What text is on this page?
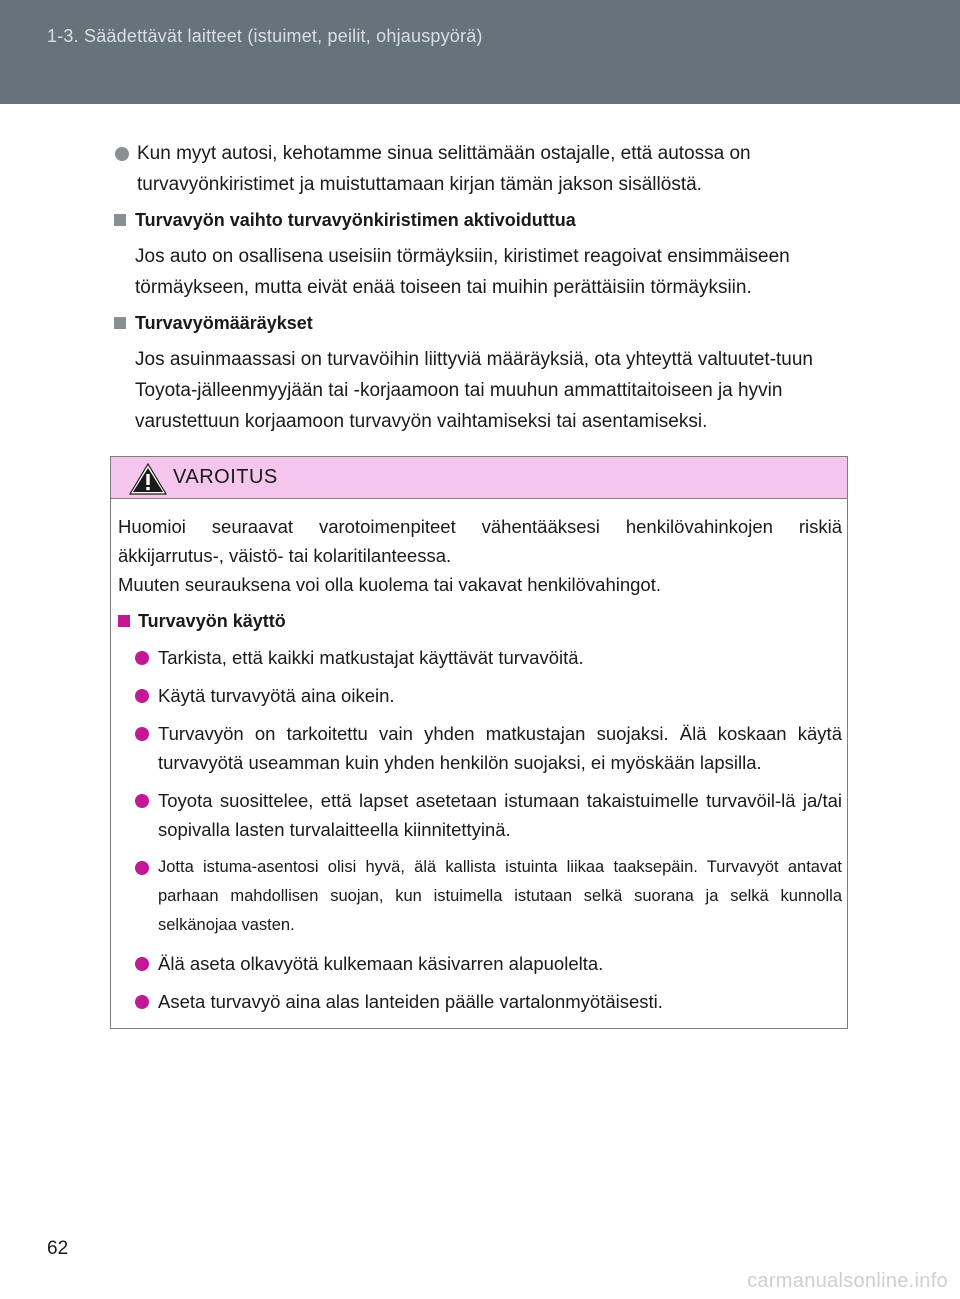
1-3. Säädettävät laitteet (istuimet, peilit, ohjauspyörä)
Kun myyt autosi, kehotamme sinua selittämään ostajalle, että autossa on turvavyönkiristimet ja muistuttamaan kirjan tämän jakson sisällöstä.
Turvavyön vaihto turvavyönkiristimen aktivoiduttua
Jos auto on osallisena useisiin törmäyksiin, kiristimet reagoivat ensimmäiseen törmäykseen, mutta eivät enää toiseen tai muihin perättäisiin törmäyksiin.
Turvavyömääräykset
Jos asuinmaassasi on turvavöihin liittyviä määräyksiä, ota yhteyttä valtuutet-tuun Toyota-jälleenmyyjään tai -korjaamoon tai muuhun ammattitaitoiseen ja hyvin varustettuun korjaamoon turvavyön vaihtamiseksi tai asentamiseksi.
VAROITUS
Huomioi seuraavat varotoimenpiteet vähentääksesi henkilövahinkojen riskiä
äkkijarrutus-, väistö- tai kolaritilanteessa.
Muuten seurauksena voi olla kuolema tai vakavat henkilövahingot.
Turvavyön käyttö
Tarkista, että kaikki matkustajat käyttävät turvavöitä.
Käytä turvavyötä aina oikein.
Turvavyön on tarkoitettu vain yhden matkustajan suojaksi. Älä koskaan käytä turvavyötä useamman kuin yhden henkilön suojaksi, ei myöskään lapsilla.
Toyota suosittelee, että lapset asetetaan istumaan takaistuimelle turvavöil-lä ja/tai sopivalla lasten turvalaitteella kiinnitettyinä.
Jotta istuma-asentosi olisi hyvä, älä kallista istuinta liikaa taaksepäin. Turvavyöt antavat parhaan mahdollisen suojan, kun istuimella istutaan selkä suorana ja selkä kunnolla selkänojaa vasten.
Älä aseta olkavyötä kulkemaan käsivarren alapuolelta.
Aseta turvavyö aina alas lanteiden päälle vartalonmyötäisesti.
62
carmanualsonline.info
